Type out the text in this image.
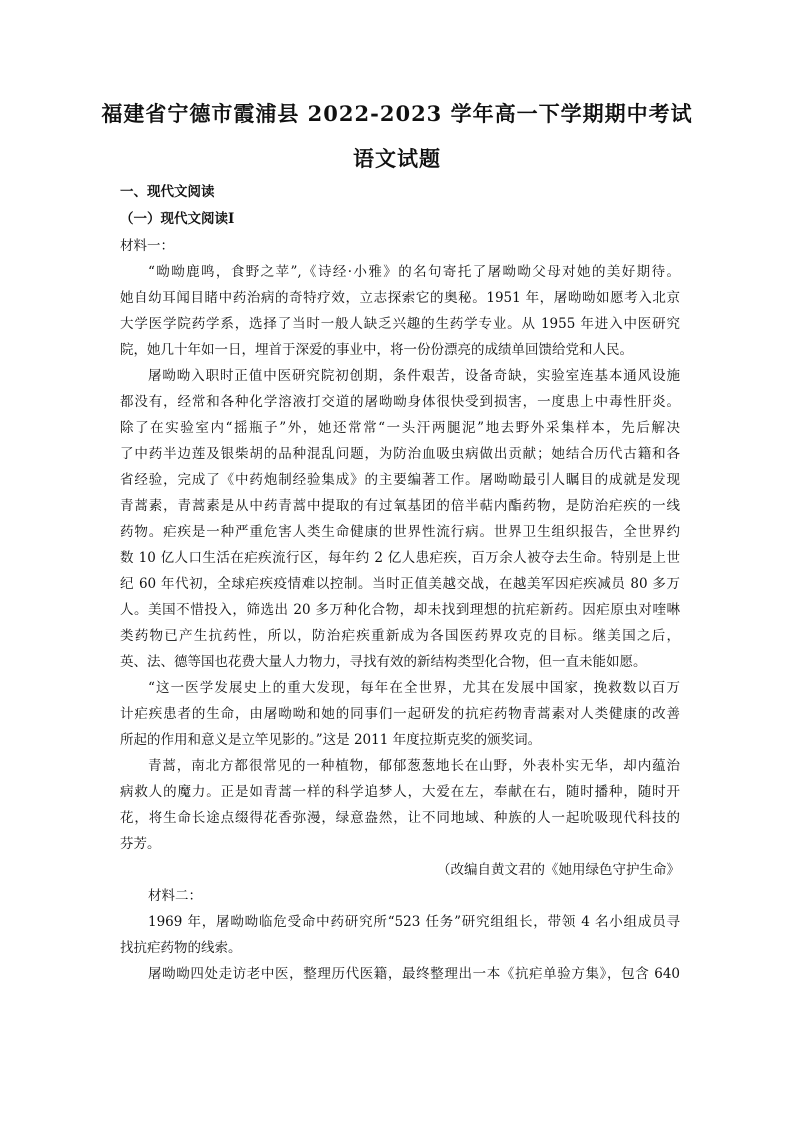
福建省宁德市霞浦县 2022-2023 学年高一下学期期中考试
语文试题
一、现代文阅读
（一）现代文阅读Ⅰ
材料一：
“呦呦鹿鸣，食野之苹”,《诗经·小雅》的名句寄托了屠呦呦父母对她的美好期待。
她自幼耳闻目睹中药治病的奇特疗效，立志探索它的奥秘。1951 年，屠呦呦如愿考入北京
大学医学院药学系，选择了当时一般人缺乏兴趣的生药学专业。从 1955 年进入中医研究
院，她几十年如一日，埋首于深爱的事业中，将一份份漂亮的成绩单回馈给党和人民。
屠呦呦入职时正值中医研究院初创期，条件艰苦，设备奇缺，实验室连基本通风设施
都没有，经常和各种化学溶液打交道的屠呦呦身体很快受到损害，一度患上中毒性肝炎。
除了在实验室内“摇瓶子”外，她还常常“一头汗两腿泥”地去野外采集样本，先后解决
了中药半边莲及银柴胡的品种混乱问题，为防治血吸虫病做出贡献；她结合历代古籍和各
省经验，完成了《中药炮制经验集成》的主要编著工作。屠呦呦最引人瞩目的成就是发现
青蒿素，青蒿素是从中药青蒿中提取的有过氧基团的倍半萜内酯药物，是防治疟疾的一线
药物。疟疾是一种严重危害人类生命健康的世界性流行病。世界卫生组织报告，全世界约
数 10 亿人口生活在疟疾流行区，每年约 2 亿人患疟疾，百万余人被夺去生命。特别是上世
纪 60 年代初，全球疟疾疫情难以控制。当时正值美越交战，在越美军因疟疾减员 80 多万
人。美国不惜投入，筛选出 20 多万种化合物，却未找到理想的抗疟新药。因疟原虫对喹啉
类药物已产生抗药性，所以，防治疟疾重新成为各国医药界攻克的目标。继美国之后，
英、法、德等国也花费大量人力物力，寻找有效的新结构类型化合物，但一直未能如愿。
“这一医学发展史上的重大发现，每年在全世界，尤其在发展中国家，挽救数以百万
计疟疾患者的生命，由屠呦呦和她的同事们一起研发的抗疟药物青蒿素对人类健康的改善
所起的作用和意义是立竿见影的。”这是 2011 年度拉斯克奖的颁奖词。
青蒿，南北方都很常见的一种植物，郁郁葱葱地长在山野，外表朴实无华，却内蕴治
病救人的魔力。正是如青蒿一样的科学追梦人，大爱在左，奉献在右，随时播种，随时开
花，将生命长途点缀得花香弥漫，绿意盎然，让不同地域、种族的人一起吮吸现代科技的
芬芳。
（改编自黄文君的《她用绿色守护生命》
材料二：
1969 年，屠呦呦临危受命中药研究所“523 任务”研究组组长，带领 4 名小组成员寻
找抗疟药物的线索。
屠呦呦四处走访老中医，整理历代医籍，最终整理出一本《抗疟单验方集》，包含 640
